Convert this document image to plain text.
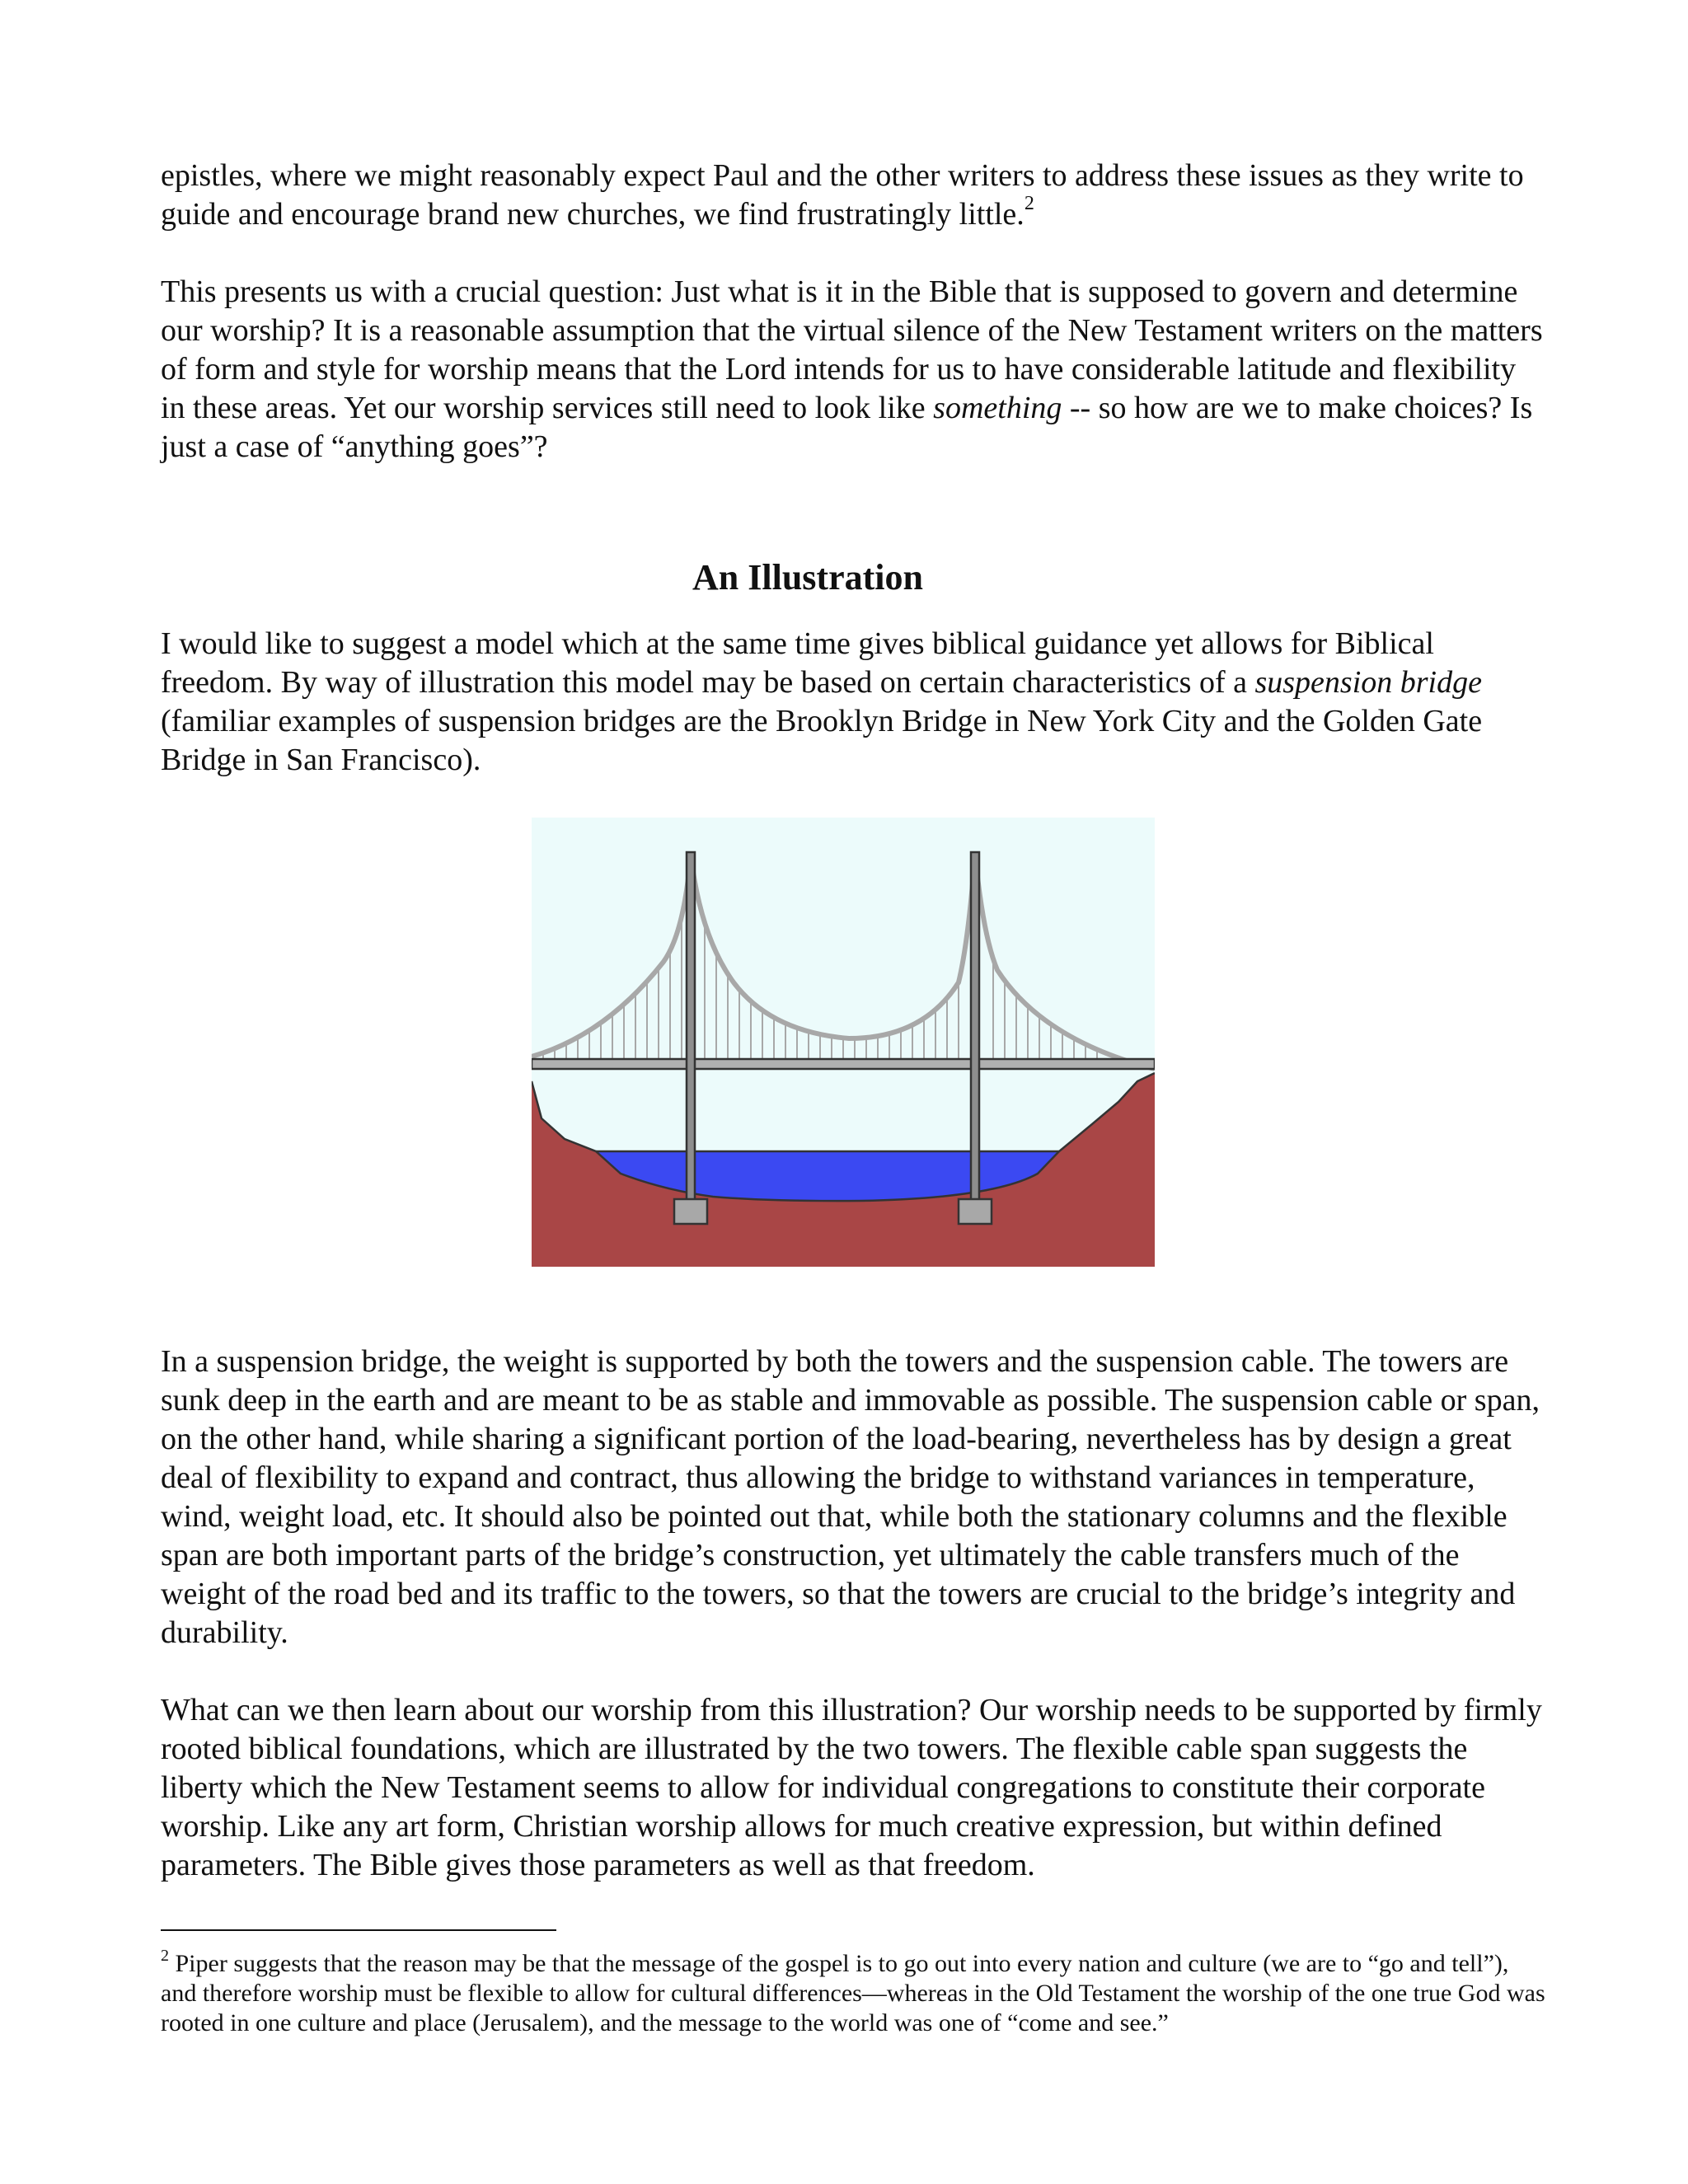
epistles, where we might reasonably expect Paul and the other writers to address these issues as they write to guide and encourage brand new churches, we find frustratingly little.$^2$

This presents us with a crucial question: Just what is it in the Bible that is supposed to govern and determine our worship? It is a reasonable assumption that the virtual silence of the New Testament writers on the matters of form and style for worship means that the Lord intends for us to have considerable latitude and flexibility in these areas. Yet our worship services still need to look like something -- so how are we to make choices? Is just a case of “anything goes”?

An Illustration

I would like to suggest a model which at the same time gives biblical guidance yet allows for Biblical freedom. By way of illustration this model may be based on certain characteristics of a suspension bridge (familiar examples of suspension bridges are the Brooklyn Bridge in New York City and the Golden Gate Bridge in San Francisco).

In a suspension bridge, the weight is supported by both the towers and the suspension cable. The towers are sunk deep in the earth and are meant to be as stable and immovable as possible. The suspension cable or span, on the other hand, while sharing a significant portion of the load-bearing, nevertheless has by design a great deal of flexibility to expand and contract, thus allowing the bridge to withstand variances in temperature, wind, weight load, etc. It should also be pointed out that, while both the stationary columns and the flexible span are both important parts of the bridge’s construction, yet ultimately the cable transfers much of the weight of the road bed and its traffic to the towers, so that the towers are crucial to the bridge’s integrity and durability.

What can we then learn about our worship from this illustration? Our worship needs to be supported by firmly rooted biblical foundations, which are illustrated by the two towers. The flexible cable span suggests the liberty which the New Testament seems to allow for individual congregations to constitute their corporate worship. Like any art form, Christian worship allows for much creative expression, but within defined parameters. The Bible gives those parameters as well as that freedom.

$^2$ Piper suggests that the reason may be that the message of the gospel is to go out into every nation and culture (we are to “go and tell”), and therefore worship must be flexible to allow for cultural differences—whereas in the Old Testament the worship of the one true God was rooted in one culture and place (Jerusalem), and the message to the world was one of “come and see.”
